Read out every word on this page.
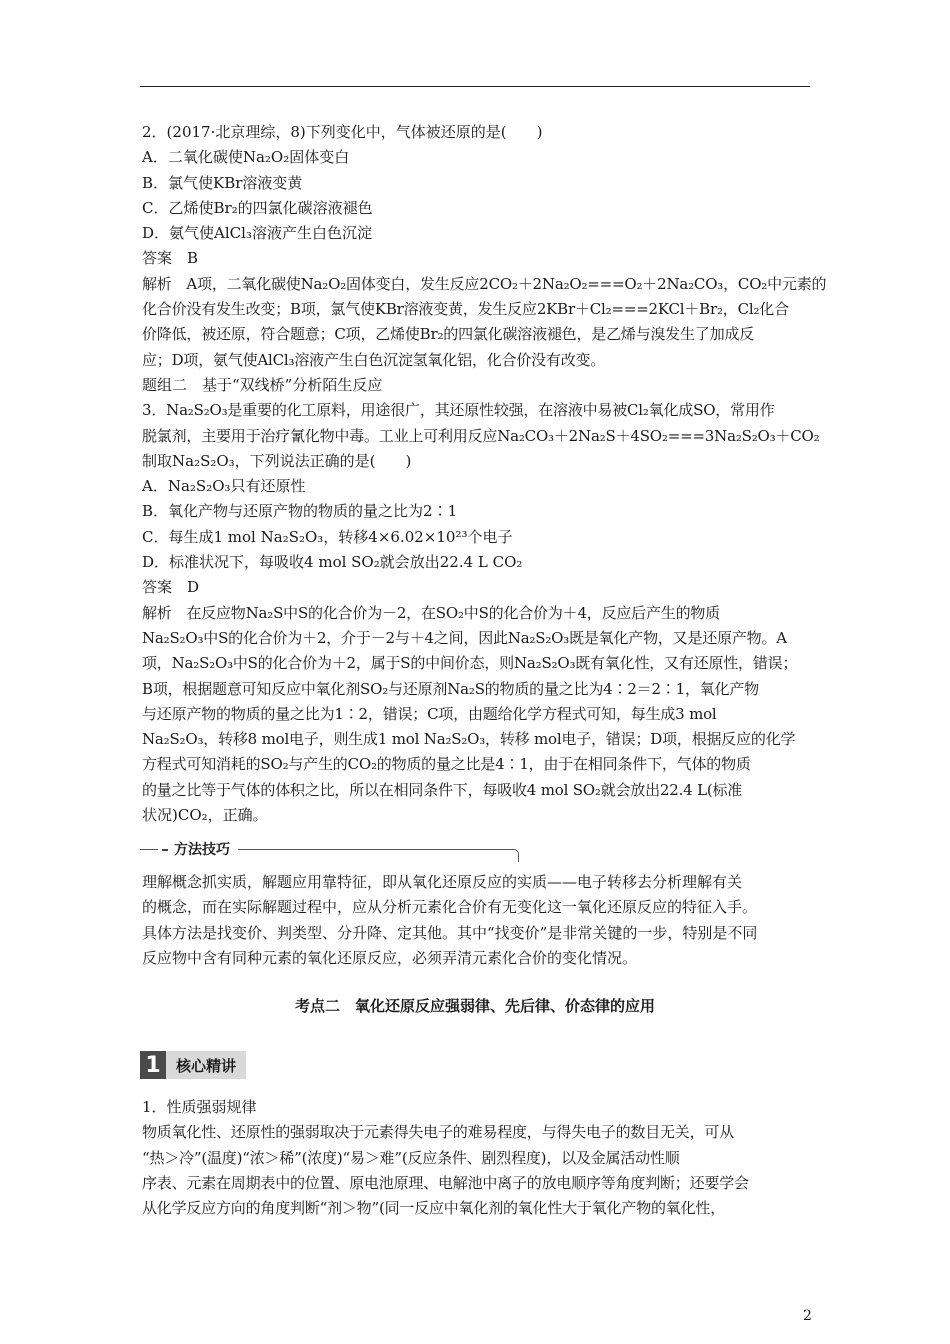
2．(2017·北京理综，8)下列变化中，气体被还原的是(　　)
A．二氧化碳使Na₂O₂固体变白
B．氯气使KBr溶液变黄
C．乙烯使Br₂的四氯化碳溶液褪色
D．氨气使AlCl₃溶液产生白色沉淀
答案　B
解析　A项，二氧化碳使Na₂O₂固体变白，发生反应2CO₂＋2Na₂O₂===O₂＋2Na₂CO₃，CO₂中元素的
化合价没有发生改变；B项，氯气使KBr溶液变黄，发生反应2KBr＋Cl₂===2KCl＋Br₂，Cl₂化合
价降低，被还原，符合题意；C项，乙烯使Br₂的四氯化碳溶液褪色，是乙烯与溴发生了加成反
应；D项，氨气使AlCl₃溶液产生白色沉淀氢氧化铝，化合价没有改变。
题组二　基于“双线桥”分析陌生反应
3．Na₂S₂O₃是重要的化工原料，用途很广，其还原性较强，在溶液中易被Cl₂氧化成SO，常用作
脱氯剂，主要用于治疗氰化物中毒。工业上可利用反应Na₂CO₃＋2Na₂S＋4SO₂===3Na₂S₂O₃＋CO₂
制取Na₂S₂O₃，下列说法正确的是(　　)
A．Na₂S₂O₃只有还原性
B．氧化产物与还原产物的物质的量之比为2∶1
C．每生成1 mol Na₂S₂O₃，转移4×6.02×10²³个电子
D．标准状况下，每吸收4 mol SO₂就会放出22.4 L CO₂
答案　D
解析　在反应物Na₂S中S的化合价为－2，在SO₂中S的化合价为＋4，反应后产生的物质
Na₂S₂O₃中S的化合价为＋2，介于－2与＋4之间，因此Na₂S₂O₃既是氧化产物，又是还原产物。A
项，Na₂S₂O₃中S的化合价为＋2，属于S的中间价态，则Na₂S₂O₃既有氧化性，又有还原性，错误；
B项，根据题意可知反应中氧化剂SO₂与还原剂Na₂S的物质的量之比为4∶2＝2∶1，氧化产物
与还原产物的物质的量之比为1∶2，错误；C项，由题给化学方程式可知，每生成3 mol
Na₂S₂O₃，转移8 mol电子，则生成1 mol Na₂S₂O₃，转移 mol电子，错误；D项，根据反应的化学
方程式可知消耗的SO₂与产生的CO₂的物质的量之比是4∶1，由于在相同条件下，气体的物质
的量之比等于气体的体积之比，所以在相同条件下，每吸收4 mol SO₂就会放出22.4 L(标准
状况)CO₂，正确。
方法技巧
理解概念抓实质，解题应用靠特征，即从氧化还原反应的实质——电子转移去分析理解有关
的概念，而在实际解题过程中，应从分析元素化合价有无变化这一氧化还原反应的特征入手。
具体方法是找变价、判类型、分升降、定其他。其中“找变价”是非常关键的一步，特别是不同
反应物中含有同种元素的氧化还原反应，必须弄清元素化合价的变化情况。
考点二　氧化还原反应强弱律、先后律、价态律的应用
1	核心精讲
1．性质强弱规律
物质氧化性、还原性的强弱取决于元素得失电子的难易程度，与得失电子的数目无关，可从
“热＞冷”(温度)“浓＞稀”(浓度)“易＞难”(反应条件、剧烈程度)，以及金属活动性顺
序表、元素在周期表中的位置、原电池原理、电解池中离子的放电顺序等角度判断；还要学会
从化学反应方向的角度判断“剂＞物”(同一反应中氧化剂的氧化性大于氧化产物的氧化性，
2
